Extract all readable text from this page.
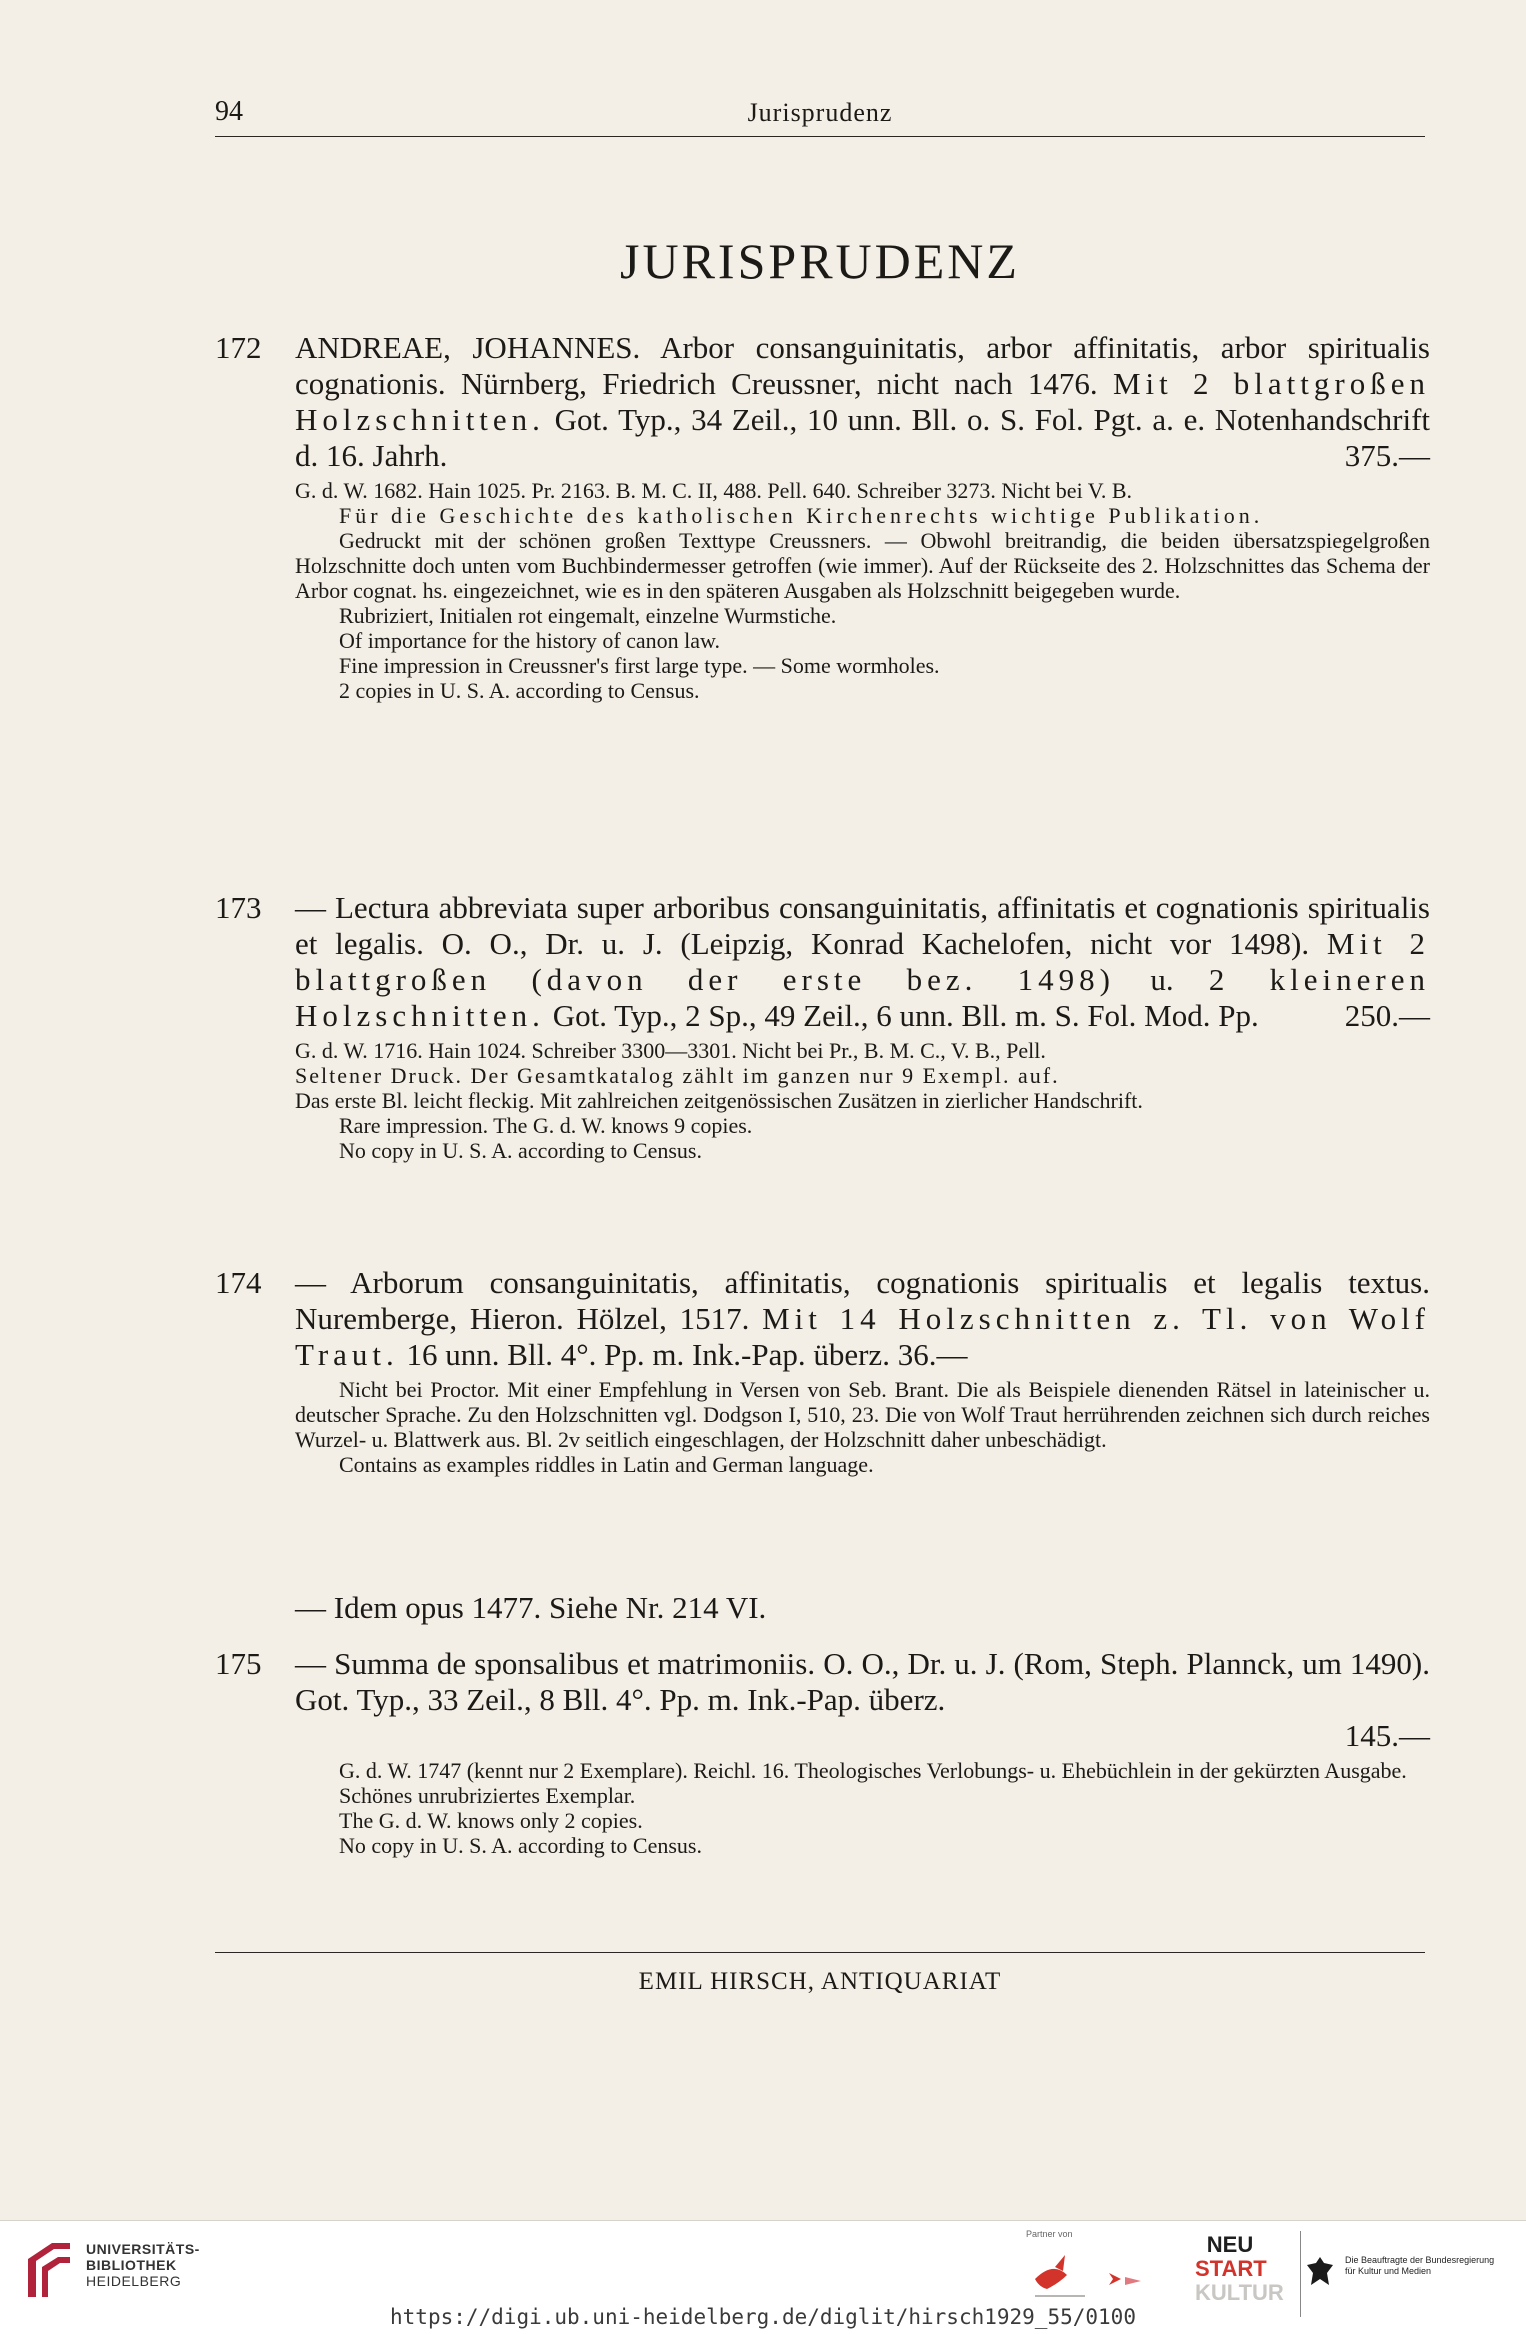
94	Jurisprudenz
JURISPRUDENZ
172 ANDREAE, JOHANNES. Arbor consanguinitatis, arbor affinitatis, arbor spiritualis cognationis. Nürnberg, Friedrich Creussner, nicht nach 1476. Mit 2 blattgroßen Holzschnitten. Got. Typ., 34 Zeil., 10 unn. Bll. o. S. Fol. Pgt. a. e. Notenhandschrift d. 16. Jahrh.	375.—

G. d. W. 1682. Hain 1025. Pr. 2163. B. M. C. II, 488. Pell. 640. Schreiber 3273. Nicht bei V. B.

Für die Geschichte des katholischen Kirchenrechts wichtige Publikation.

Gedruckt mit der schönen großen Texttype Creussners. — Obwohl breitrandig, die beiden übersatzspiegelgroßen Holzschnitte doch unten vom Buchbindermesser getroffen (wie immer). Auf der Rückseite des 2. Holzschnittes das Schema der Arbor cognat. hs. eingezeichnet, wie es in den späteren Ausgaben als Holzschnitt beigegeben wurde.

Rubriziert, Initialen rot eingemalt, einzelne Wurmstiche.

Of importance for the history of canon law.

Fine impression in Creussner's first large type. — Some wormholes.

2 copies in U. S. A. according to Census.

173 — Lectura abbreviata super arboribus consanguinitatis, affinitatis et cognationis spiritualis et legalis. O. O., Dr. u. J. (Leipzig, Konrad Kachelofen, nicht vor 1498). Mit 2 blattgroßen (davon der erste bez. 1498) u. 2 kleineren Holzschnitten. Got. Typ., 2 Sp., 49 Zeil., 6 unn. Bll. m. S. Fol. Mod. Pp.	250.—

G. d. W. 1716. Hain 1024. Schreiber 3300—3301. Nicht bei Pr., B. M. C., V. B., Pell.

Seltener Druck. Der Gesamtkatalog zählt im ganzen nur 9 Exempl. auf.

Das erste Bl. leicht fleckig. Mit zahlreichen zeitgenössischen Zusätzen in zierlicher Handschrift.

Rare impression. The G. d. W. knows 9 copies.

No copy in U. S. A. according to Census.

174 — Arborum consanguinitatis, affinitatis, cognationis spiritualis et legalis textus. Nuremberge, Hieron. Hölzel, 1517. Mit 14 Holzschnitten z. Tl. von Wolf Traut. 16 unn. Bll. 4°. Pp. m. Ink.-Pap. überz. 36.—

Nicht bei Proctor. Mit einer Empfehlung in Versen von Seb. Brant. Die als Beispiele dienenden Rätsel in lateinischer u. deutscher Sprache. Zu den Holzschnitten vgl. Dodgson I, 510, 23. Die von Wolf Traut herrührenden zeichnen sich durch reiches Wurzel- u. Blattwerk aus. Bl. 2v seitlich eingeschlagen, der Holzschnitt daher unbeschädigt.

Contains as examples riddles in Latin and German language.

— Idem opus 1477. Siehe Nr. 214 VI.
175 — Summa de sponsalibus et matrimoniis. O. O., Dr. u. J. (Rom, Steph. Plannck, um 1490). Got. Typ., 33 Zeil., 8 Bll. 4°. Pp. m. Ink.-Pap. überz.
145.—

G. d. W. 1747 (kennt nur 2 Exemplare). Reichl. 16. Theologisches Verlobungs- u. Ehebüchlein in der gekürzten Ausgabe.

Schönes unrubriziertes Exemplar.

The G. d. W. knows only 2 copies.

No copy in U. S. A. according to Census.

EMIL HIRSCH, ANTIQUARIAT
UNIVERSITÄTS-
BIBLIOTHEK
HEIDELBERG
Partner von	NEU
START
KULTUR
Die Beauftragte der Bundesregierung für Kultur und Medien
https://digi.ub.uni-heidelberg.de/diglit/hirsch1929_55/0100
